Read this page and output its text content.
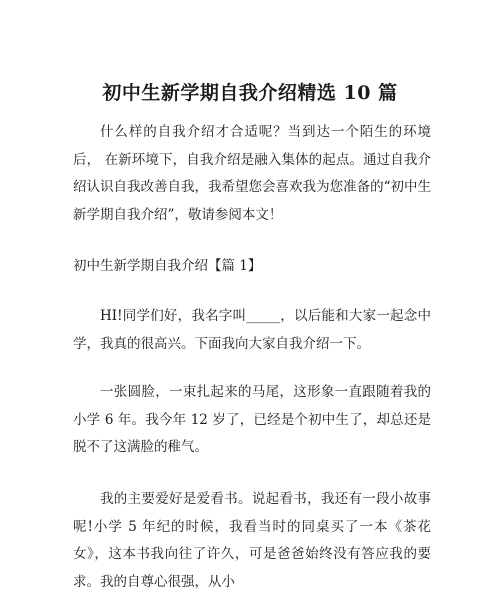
初中生新学期自我介绍精选 10 篇

什么样的自我介绍才合适呢？当到达一个陌生的环境后， 在新环境下，自我介绍是融入集体的起点。通过自我介绍认识自我改善自我，我希望您会喜欢我为您准备的“初中生新学期自我介绍”，敬请参阅本文！

初中生新学期自我介绍【篇 1】

HI!同学们好，我名字叫_____，以后能和大家一起念中学，我真的很高兴。下面我向大家自我介绍一下。

一张圆脸，一束扎起来的马尾，这形象一直跟随着我的小学 6 年。我今年 12 岁了，已经是个初中生了，却总还是脱不了这满脸的稚气。

我的主要爱好是爱看书。说起看书，我还有一段小故事呢!小学 5 年纪的时候，我看当时的同桌买了一本《茶花女》，这本书我向往了许久，可是爸爸始终没有答应我的要求。我的自尊心很强，从小
